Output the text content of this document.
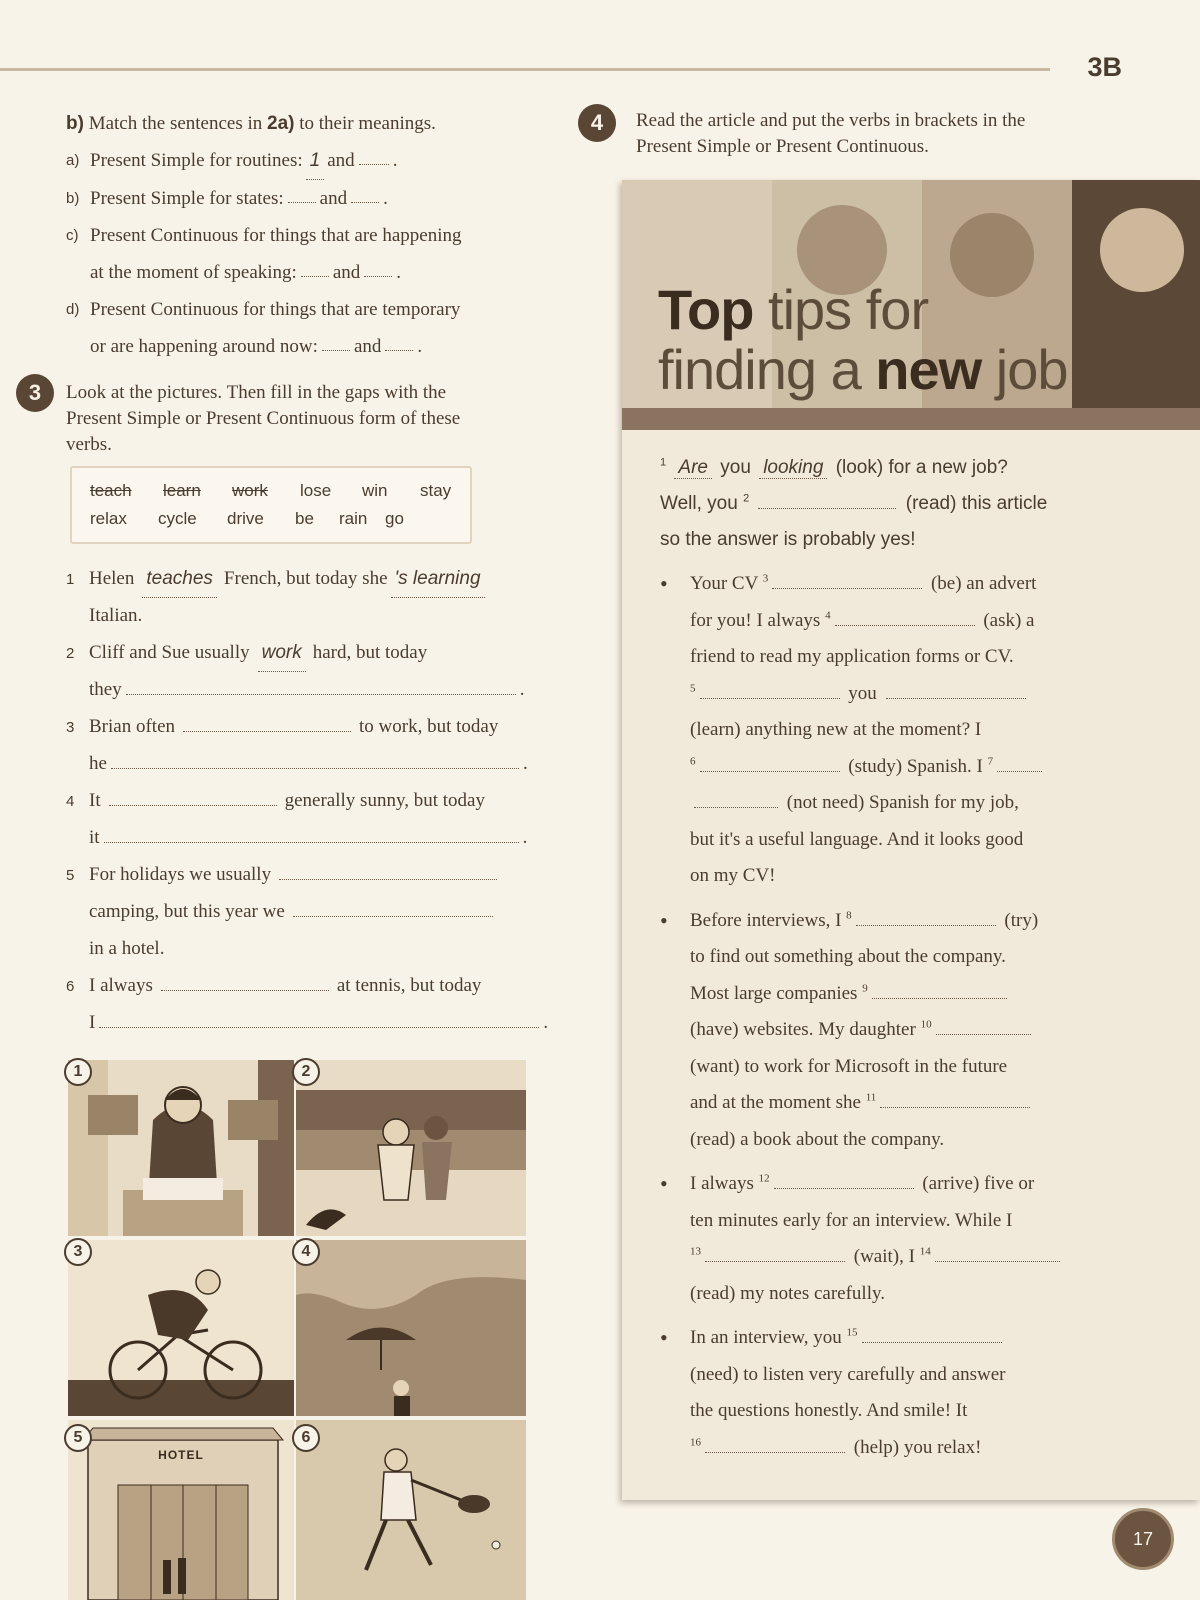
3B
b)
Match the sentences in
2a)
to their meanings.
a) Present Simple for routines: 1 and .
b) Present Simple for states: and .
c) Present Continuous for things that are happening
at the moment of speaking: and .
d) Present Continuous for things that are temporary
or are happening around now: and .
3	Look at the pictures. Then fill in the gaps with the
Present Simple or Present Continuous form of these
verbs.
teach	learn	work	lose	win	stay
relax	cycle	drive	be	rain	go
1 Helen teaches French, but today she 's learning
Italian.
2 Cliff and Sue usually work hard, but today
they	.
3 Brian often	to work, but today
he	.
4 It	generally sunny, but today
it	.
5 For holidays we usually
camping, but this year we
in a hotel.
6 I always	at tennis, but today
I	.
1	2
3	4
HOTEL
5	6
4	Read the article and put the verbs in brackets in the
Present Simple or Present Continuous.
Top tips for
finding a new job
$^1$ Are you looking (look) for a new job?
Well, you $^2$	(read) this article
so the answer is probably yes!
•	Your CV $^3$	(be) an advert
for you! I always $^4$	(ask) a
friend to read my application forms or CV.
$^5$	you
(learn) anything new at the moment? I
$^6$	(study) Spanish. I $^7$
(not need) Spanish for my job,
but it's a useful language. And it looks good
on my CV!
•	Before interviews, I $^8$	(try)
to find out something about the company.
Most large companies $^9$
(have) websites. My daughter $^{10}$
(want) to work for Microsoft in the future
and at the moment she $^{11}$
(read) a book about the company.
•	I always $^{12}$	(arrive) five or
ten minutes early for an interview. While I
$^{13}$	(wait), I $^{14}$
(read) my notes carefully.
•	In an interview, you $^{15}$
(need) to listen very carefully and answer
the questions honestly. And smile! It
$^{16}$	(help) you relax!
17
